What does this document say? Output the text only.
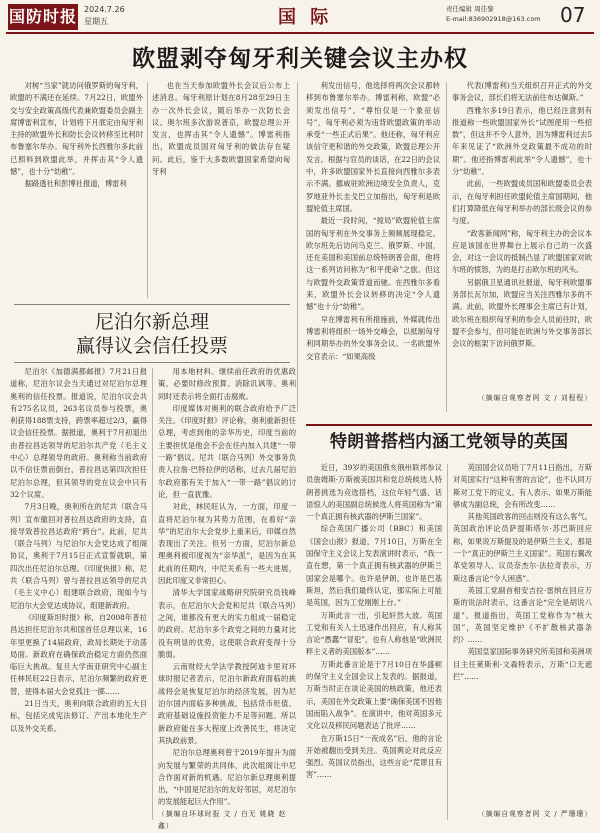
国防时报 2024.7.26
星期五	国 际	责任编辑 周佳黎
E-mail:836902918@163.com 07
欧盟剥夺匈牙利关键会议主办权

对树“当家”就访问俄罗斯的匈牙利，欧盟的不满还在延续。7月22日，欧盟外交与安全政策高级代表兼欧盟委员会副主席博雷利宣布，计划将下月底定由匈牙利主持的欧盟外长和防长会议转移至比利时布鲁塞尔举办。匈牙利外长西雅尔多此前已照料到欧盟此举，并挥击其“令人遗憾”，也十分“幼稚”。

据路透社和彭博社报道，博雷利

也在当天参加欧盟外长会议后公布上述消息。匈牙利原计划在8月28至29日主办一次外长会议，随后举办一次防长会议。奥尔班多次游说普京，欧盟总理公开发言，也挥击其“令人遗憾”。博雷利指出，欧盟成员国对匈牙利的做法存在疑问。此后，鉴于大多数欧盟国家希望向匈牙利

利发出信号，他选择将两次会议都转移到布鲁塞尔举办。博雷利称，欧盟“必须发出信号”。“尊怕仅是一个象征信号”，匈牙利必须为违背欧盟政策的举动承受“一些正式后果”。他还称，匈牙利应该信守更和谐的外交政策，欧盟总理公开发言。根据与官员的谈话，在22日的会议中，许多欧盟国家外长直接向西雅尔多表示不满。挪威驻欧洲边境安全负责人，克罗地亚外长圭戈巴立加指出，匈牙利是欧盟轮值主席国。

最近一段时间，“搅局”欧盟轮值主席国的匈牙利在外交事务上频频展现稳定。欧尔班先后访问乌克兰、俄罗斯、中国，还在美国和美国前总统特朗普会面，他将这一系列访问称为“和平使命”之旅。但这与欧盟外交政策背道而驰。在西雅尔多看来，欧盟外长会议转移的决定“令人遗憾”也十分“幼稚”。

早在博雷利有所措施前，外媒就传出博雷利将组织一场外交峰会，以抵制匈牙利同期举办的外交事务会议。一名欧盟外交官表示：“如果高级

代表(博雷利)当天组织召开正式的外交事务会议，部长们将无法前往布达佩斯。”

西雅尔多19日表示，他已经注意到有报道称一些欧盟国家外长“试图使用一些招数”，但这并不令人意外，因为博雷利过去5年来见证了“欧洲外交政策最不成功的时期”。他还指博雷利此举“令人遗憾”，也十分“幼稚”。

此前，一些欧盟成员国和欧盟委员会表示，在匈牙利担任欧盟轮值主席国期间，他们打算降低在匈牙利举办的部长级会议的参与度。

“政客新闻网”称，匈牙利主办的会议本应是该国在世界舞台上展示自己的一次盛会，对这一会议的抵制凸显了欧盟国家对欧尔班的愤怒，为的是打击欧尔班的风头。

另据俄卫星通讯社报道，匈牙利欧盟事务部长瓦尔加，欧盟应当关注西雅尔多的不满。此前，欧盟外长理事会主席已有计划，欧尔班在组织匈牙利的参会人员前往时，欧盟不会参与，但可能在欧洲与外交事务部长会议的框架下访问俄罗斯。

（摘编自观察者网 文 / 刘程程）
尼泊尔新总理
赢得议会信任投票

尼泊尔《加德满都邮报》7月21日报道称，尼泊尔议会当天通过对尼泊尔总理奥利的信任投票。报道说，尼泊尔议会共有275名议员，263名议员参与投票，奥利获得188票支持，跨票率超过2/3，赢得议会信任投票。据报道，奥利于7月初退出由普拉昌达领导的尼泊尔共产党（毛主义中心）总理领导的政府。奥利称当前政府以不信任票而倒台，普拉昌达第四次担任尼泊尔总理，但其领导的党在议会中只有32个议席。

7月3日晚，奥利所在的尼共（联合马列）宣布撤回对普拉昌达政府的支持，直接导致普拉昌达政府“跨台”。此前，尼共（联合马列）与尼泊尔大会党达成了组阁协议，奥利于7月15日正式宣誓就职，第四次出任尼泊尔总理。《印度快报》称，尼共（联合马列）曾与普拉昌达领导的尼共（毛主义中心）组建联合政府，现如今与尼泊尔大会党达成协议，组建新政府。

《印度斯坦时报》称，自2008年普拉昌达担任尼泊尔共和国首任总理以来，16年里更换了14届政府，政局长期处于动荡局面。新政府在确保政治稳定方面仍然面临巨大挑战。复旦大学南亚研究中心副主任林民旺22日表示，尼泊尔频繁的政府更替，使得本届大会党孤注一掷……

21日当天，奥利向联合政府的五大目标，包括完成宪法修订、产出本地化生产以及外交关系。

用本地材料、继续前任政府的优惠政策、必要时修改预算、消除讥讽等。奥利同时还表示将全面打击腐败。

印度媒体对奥利的联合政府给予广泛关注。《印度时报》评论称，奥利重新担任总理，考虑到他的亲华历史，印度当前的主要担忧是他会不会在任内加入共建“一带一路”倡议。尼共（联合马列）外交事务负责人拉詹·巴特拉伊的话称，过去几届尼泊尔政府都有关于加入“一带一路”倡议的讨论，但一直犹豫。

对此，林民旺认为，一方面，印度一直将尼泊尔视为其势力范围，在看好“亲华”的尼泊尔大会党步上重来后，印媒自然表现出了关注。但另一方面，尼泊尔新总理奥利被印度视为“亲华派”，是因为在其此前的任期内，中尼关系有一些大进展，因此印度又非常担心。

清华大学国家战略研究院研究员钱峰表示，在尼泊尔大会党和尼共（联合马列）之间，谁都没有更大的实力组成一届稳定的政府。尼泊尔多个政党之间的力量对比没有明显的优势，这使联合政府变得十分脆弱。

云南财经大学法学教授阿迪卡里对环球时报记者表示，尼泊尔新政府面临的挑战将会是恢复尼泊尔的经济发展，因为尼泊尔国内面临多种挑战，包括货币贬值、政府基础设施投资能力不足等问题。所以新政府能在多大程度上改善民生，将决定其执政前景。

尼泊尔总理奥利曾于2019年提升为面向发展与繁荣的共同体，此次组阁让中尼合作面对新的机遇。尼泊尔新总理奥利提出，“中国是尼泊尔的友好邻居，对尼泊尔的发展能起巨大作用”。

（摘编自环球时报 文 / 白无 姚晓 赵鑫）
特朗普搭档内涵工党领导的英国

近日，39岁的美国俄亥俄州联邦参议员詹姆斯·万斯被美国共和党总统候选人特朗普挑选为竞选搭档，这位年轻气盛、话语惊人的美国副总统候选人将英国称为“第一个真正拥有核武器的伊斯兰国家”。

综合英国广播公司（BBC）和美国《国会山报》报道，7月10日，万斯在全国保守主义会议上发表演讲时表示，“我一直在想，第一个真正拥有核武器的伊斯兰国家会是哪个。也许是伊朗，也许是巴基斯坦，然后我们最终认定，那实际上可能是英国，因为工党刚刚上台。”

万斯此言一出，引起轩然大波。英国工党和有关人士迅速作出回应，有人称其言论“愚蠢”“冒犯”，也有人称他是“欧洲民粹主义者的美国版本”……

万斯此番言论是于7月10日在华盛顿的保守主义全国会议上发表的。据报道，万斯当时正在谈论美国的核政策，他还表示，美国在外交政策上要“确保美国不因他国而陷入战争”。在演讲中，他对英国多元文化以及移民问题表达了批评……

在万斯15日“一夜成名”后，他的言论开始被翻出受到关注。英国舆论对此反应强烈。英国议员指出，这些言论“荒谬且有害”……

英国国会议员哈丁7月11日指出，万斯对英国实行“这种有害的言论”，也不认同万斯对工党下的定义。有人表示，如果万斯能够成为副总统，会有所改变……

其他英国政客的回击则没有这么客气。英国政治评论员萨提斯塔尔·苏巴斯回应称，如果说万斯提及的是伊斯兰主义，那是一个“真正的伊斯兰主义国家”。英国右翼改革党领导人、议员奈杰尔·法拉奇表示，万斯这番言论“令人困惑”。

英国工党副首相安吉拉·雷纳在回应万斯的说法时表示，这番言论“完全是胡说八道”。报道指出，英国工党称作为“核大国”，英国坚定维护《不扩散核武器条约》……

英国皇家国际事务研究所美国和美洲项目主任莱斯利·文森特表示，万斯“口无遮拦”……

（摘编自观察者网 文 / 严珊珊）
